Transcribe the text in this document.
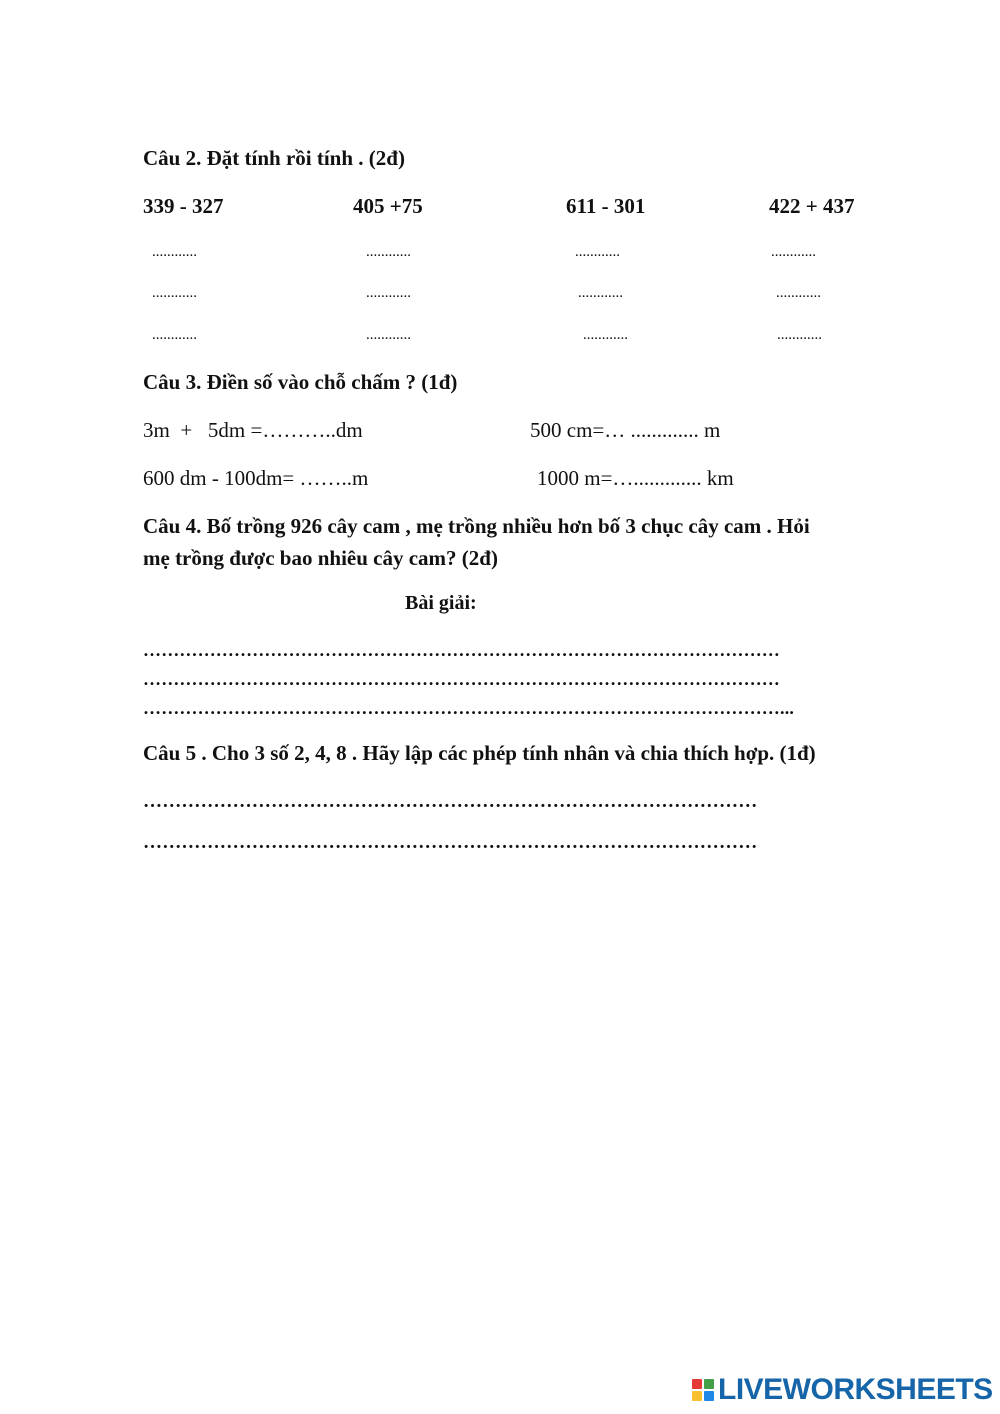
Câu 2. Đặt tính rồi tính . (2đ)
339 - 327	405 +75	611 - 301	422 + 437
............	............	............	............
............	............	............	............
............	............	............	............
Câu 3. Điền số vào chỗ chấm ? (1đ)
3m  +   5dm =………..dm	500 cm=… ............. m
600 dm - 100dm= ……..m	1000 m=…............. km
Câu 4. Bố trồng 926 cây cam , mẹ trồng nhiều hơn bố 3 chục cây cam . Hỏi
mẹ trồng được bao nhiêu cây cam? (2đ)
Bài giải:
……………………………………………………………………………………………
……………………………………………………………………………………………
……………………………………………………………………………………………...
Câu 5 . Cho 3 số 2, 4, 8 . Hãy lập các phép tính nhân và chia thích hợp. (1đ)
……………………………………………………………………………………
……………………………………………………………………………………
LIVEWORKSHEETS
